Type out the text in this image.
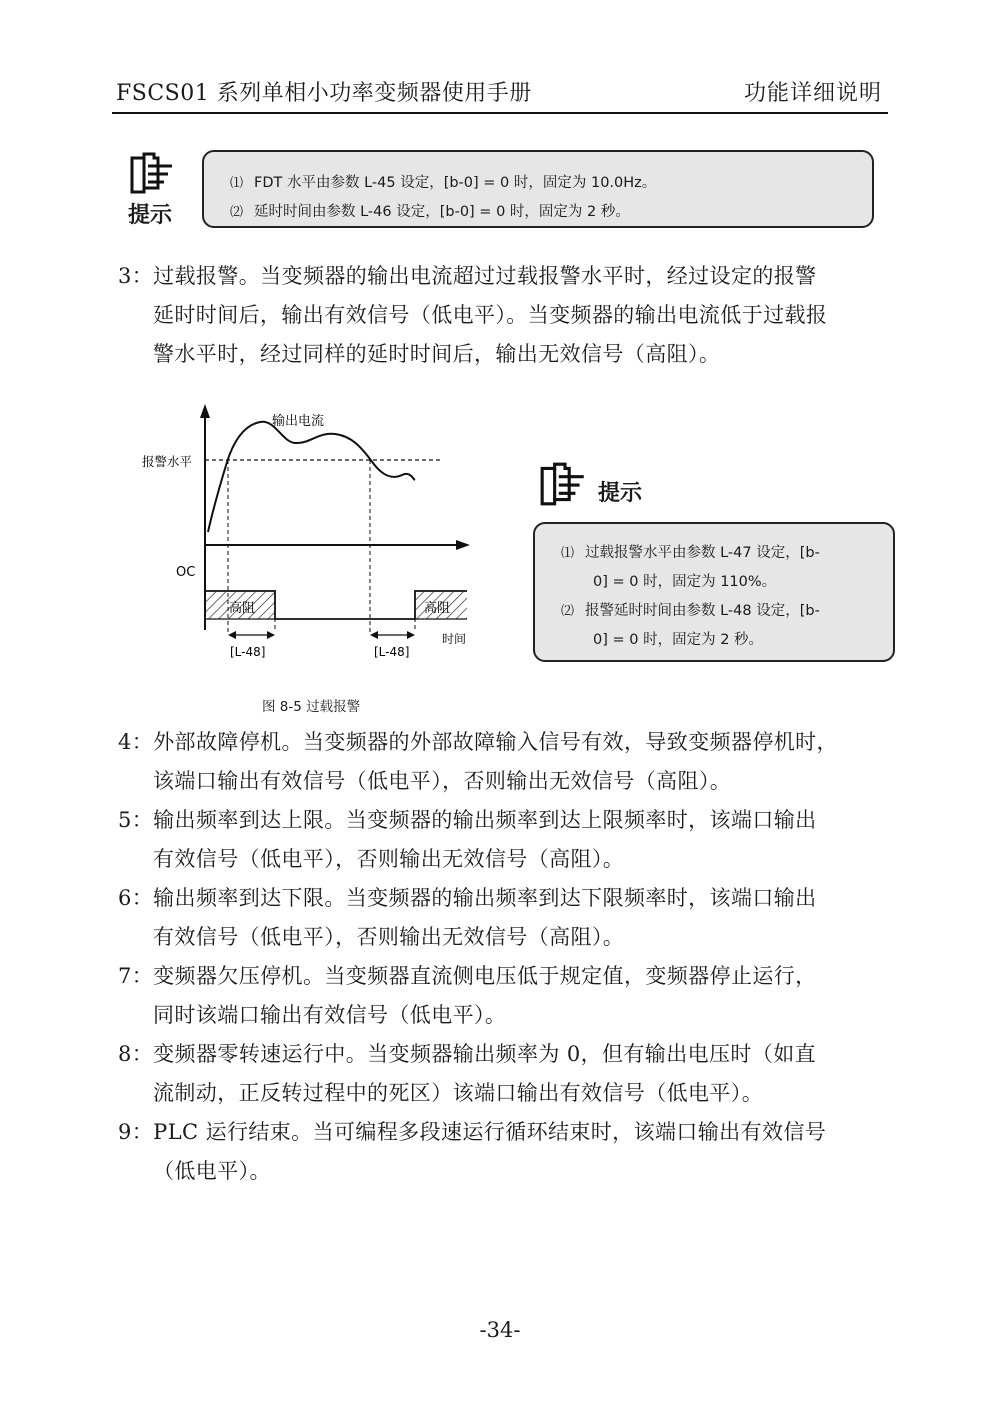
FSCS01 系列单相小功率变频器使用手册	功能详细说明
提示
⑴ FDT 水平由参数 L-45 设定，[b-0] = 0 时，固定为 10.0Hz。
⑵ 延时时间由参数 L-46 设定，[b-0] = 0 时，固定为 2 秒。
3：过载报警。当变频器的输出电流超过过载报警水平时，经过设定的报警
延时时间后，输出有效信号（低电平）。当变频器的输出电流低于过载报
警水平时，经过同样的延时时间后，输出无效信号（高阻）。
输出电流
报警水平
OC
高阻	高阻
[L-48]	[L-48]
时间
图 8-5 过载报警
提示
⑴ 过载报警水平由参数 L-47 设定，[b-
0] = 0 时，固定为 110%。
⑵ 报警延时时间由参数 L-48 设定，[b-
0] = 0 时，固定为 2 秒。
4：外部故障停机。当变频器的外部故障输入信号有效，导致变频器停机时，
该端口输出有效信号（低电平），否则输出无效信号（高阻）。
5：输出频率到达上限。当变频器的输出频率到达上限频率时，该端口输出
有效信号（低电平），否则输出无效信号（高阻）。
6：输出频率到达下限。当变频器的输出频率到达下限频率时，该端口输出
有效信号（低电平），否则输出无效信号（高阻）。
7：变频器欠压停机。当变频器直流侧电压低于规定值，变频器停止运行，
同时该端口输出有效信号（低电平）。
8：变频器零转速运行中。当变频器输出频率为 0，但有输出电压时（如直
流制动，正反转过程中的死区）该端口输出有效信号（低电平）。
9：PLC 运行结束。当可编程多段速运行循环结束时，该端口输出有效信号
（低电平）。
-34-
